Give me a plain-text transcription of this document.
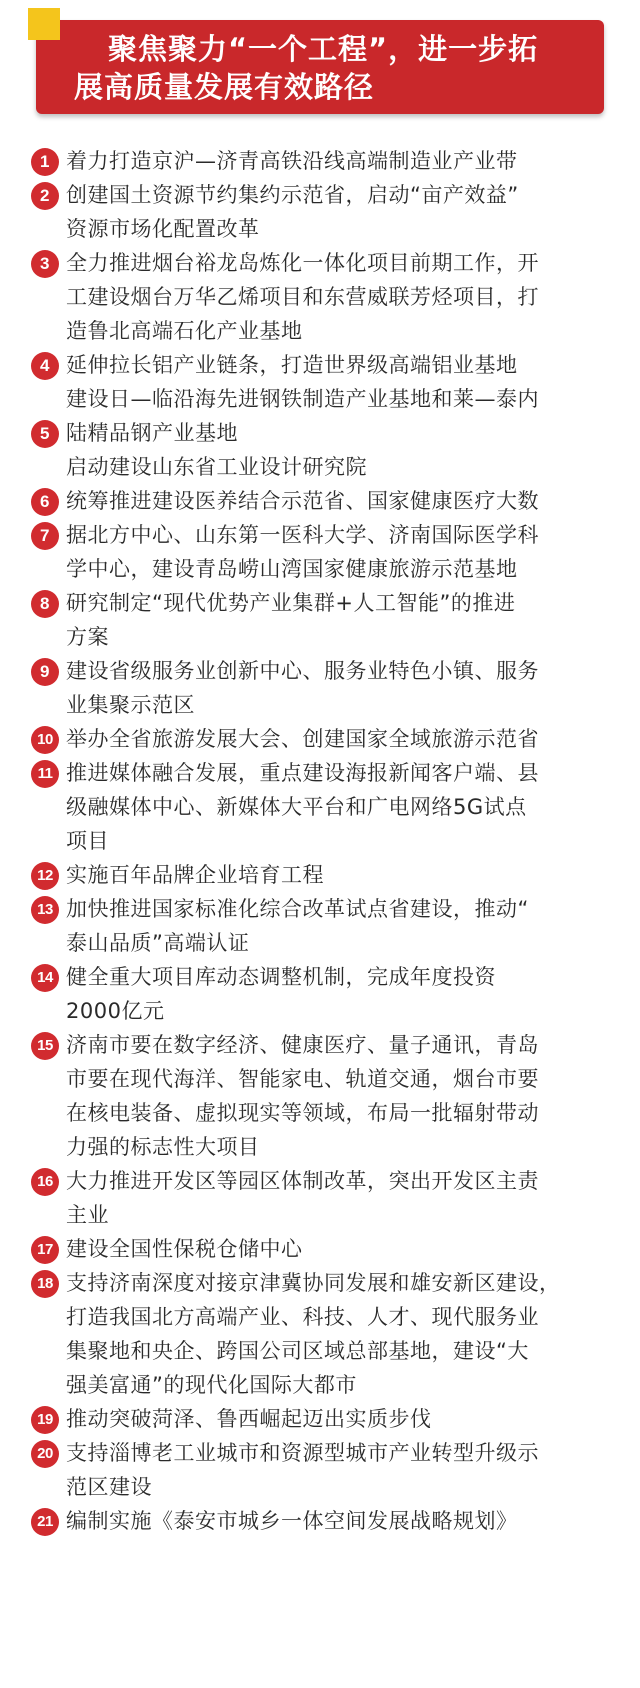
聚焦聚力“一个工程”，进一步拓
展高质量发展有效路径
1 着力打造京沪—济青高铁沿线高端制造业产业带
2 创建国土资源节约集约示范省，启动“亩产效益”
资源市场化配置改革
3 全力推进烟台裕龙岛炼化一体化项目前期工作，开
工建设烟台万华乙烯项目和东营威联芳烃项目，打
造鲁北高端石化产业基地
4 延伸拉长铝产业链条，打造世界级高端铝业基地
建设日—临沿海先进钢铁制造产业基地和莱—泰内
5 陆精品钢产业基地
启动建设山东省工业设计研究院
6 统筹推进建设医养结合示范省、国家健康医疗大数
7 据北方中心、山东第一医科大学、济南国际医学科
学中心，建设青岛崂山湾国家健康旅游示范基地
8 研究制定“现代优势产业集群+人工智能”的推进
方案
9 建设省级服务业创新中心、服务业特色小镇、服务
业集聚示范区
10 举办全省旅游发展大会、创建国家全域旅游示范省
11 推进媒体融合发展，重点建设海报新闻客户端、县
级融媒体中心、新媒体大平台和广电网络5G试点
项目
12 实施百年品牌企业培育工程
13 加快推进国家标准化综合改革试点省建设，推动“
泰山品质”高端认证
14 健全重大项目库动态调整机制，完成年度投资
2000亿元
15 济南市要在数字经济、健康医疗、量子通讯，青岛
市要在现代海洋、智能家电、轨道交通，烟台市要
在核电装备、虚拟现实等领域，布局一批辐射带动
力强的标志性大项目
16 大力推进开发区等园区体制改革，突出开发区主责
主业
17 建设全国性保税仓储中心
18 支持济南深度对接京津冀协同发展和雄安新区建设，
打造我国北方高端产业、科技、人才、现代服务业
集聚地和央企、跨国公司区域总部基地，建设“大
强美富通”的现代化国际大都市
19 推动突破菏泽、鲁西崛起迈出实质步伐
20 支持淄博老工业城市和资源型城市产业转型升级示
范区建设
21 编制实施《泰安市城乡一体空间发展战略规划》
